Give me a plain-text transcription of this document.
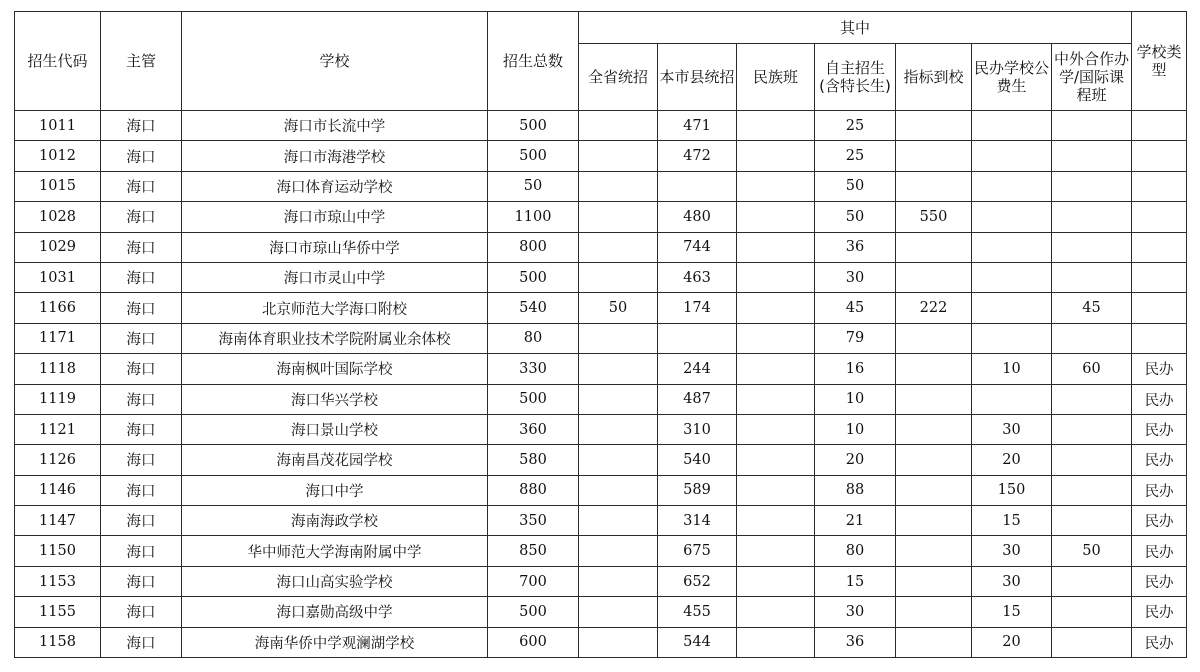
招生代码	主管	学校	招生总数	其中							学校类型
				全省统招	本市县统招	民族班	自主招生(含特长生)	指标到校	民办学校公费生	中外合作办学/国际课程班	
1011	海口	海口市长流中学	500		471		25				
1012	海口	海口市海港学校	500		472		25				
1015	海口	海口体育运动学校	50				50				
1028	海口	海口市琼山中学	1100		480		50	550			
1029	海口	海口市琼山华侨中学	800		744		36				
1031	海口	海口市灵山中学	500		463		30				
1166	海口	北京师范大学海口附校	540	50	174		45	222		45	
1171	海口	海南体育职业技术学院附属业余体校	80				79				
1118	海口	海南枫叶国际学校	330		244		16		10	60	民办
1119	海口	海口华兴学校	500		487		10				民办
1121	海口	海口景山学校	360		310		10		30		民办
1126	海口	海南昌茂花园学校	580		540		20		20		民办
1146	海口	海口中学	880		589		88		150		民办
1147	海口	海南海政学校	350		314		21		15		民办
1150	海口	华中师范大学海南附属中学	850		675		80		30	50	民办
1153	海口	海口山高实验学校	700		652		15		30		民办
1155	海口	海口嘉勋高级中学	500		455		30		15		民办
1158	海口	海南华侨中学观澜湖学校	600		544		36		20		民办
